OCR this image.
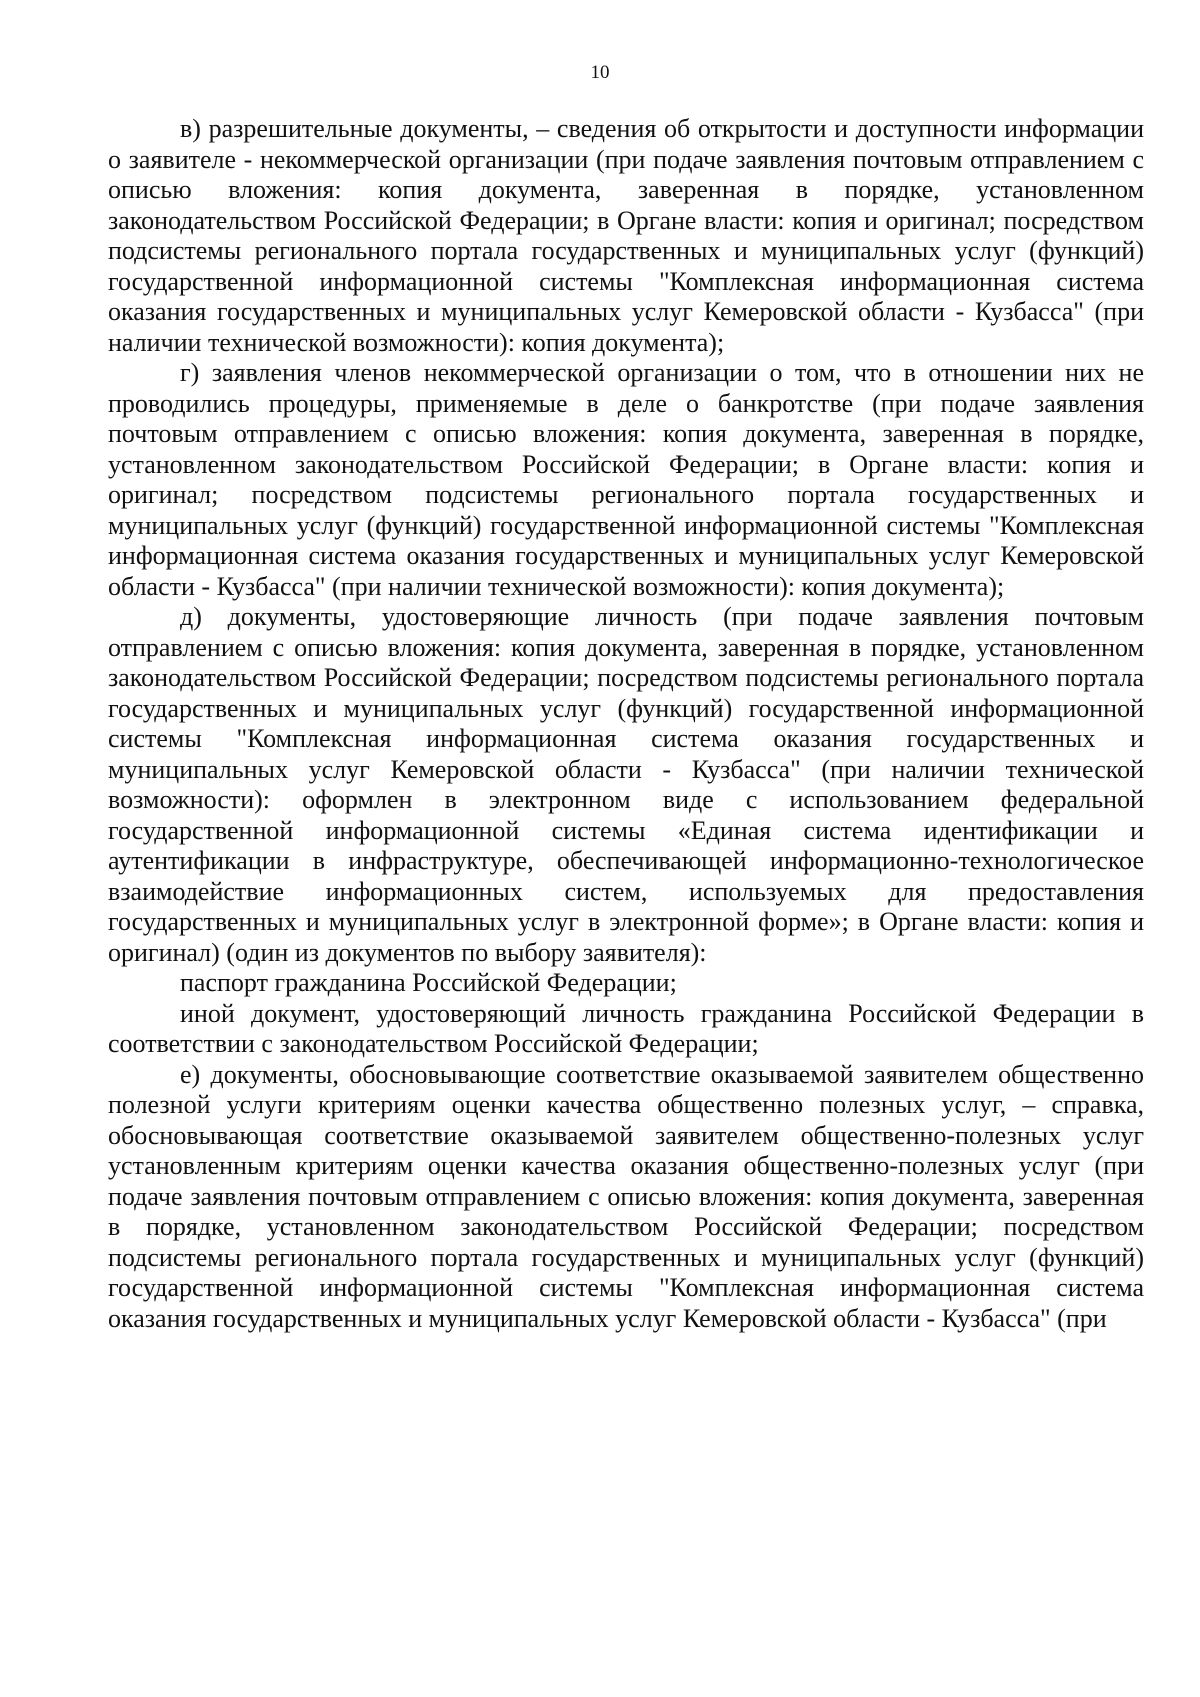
10

в) разрешительные документы, – сведения об открытости и доступности информации о заявителе - некоммерческой организации (при подаче заявления почтовым отправлением с описью вложения: копия документа, заверенная в порядке, установленном законодательством Российской Федерации; в Органе власти: копия и оригинал; посредством подсистемы регионального портала государственных и муниципальных услуг (функций) государственной информационной системы "Комплексная информационная система оказания государственных и муниципальных услуг Кемеровской области - Кузбасса" (при наличии технической возможности): копия документа);

г) заявления членов некоммерческой организации о том, что в отношении них не проводились процедуры, применяемые в деле о банкротстве (при подаче заявления почтовым отправлением с описью вложения: копия документа, заверенная в порядке, установленном законодательством Российской Федерации; в Органе власти: копия и оригинал; посредством подсистемы регионального портала государственных и муниципальных услуг (функций) государственной информационной системы "Комплексная информационная система оказания государственных и муниципальных услуг Кемеровской области - Кузбасса" (при наличии технической возможности): копия документа);

д) документы, удостоверяющие личность (при подаче заявления почтовым отправлением с описью вложения: копия документа, заверенная в порядке, установленном законодательством Российской Федерации; посредством подсистемы регионального портала государственных и муниципальных услуг (функций) государственной информационной системы "Комплексная информационная система оказания государственных и муниципальных услуг Кемеровской области - Кузбасса" (при наличии технической возможности): оформлен в электронном виде с использованием федеральной государственной информационной системы «Единая система идентификации и аутентификации в инфраструктуре, обеспечивающей информационно-технологическое взаимодействие информационных систем, используемых для предоставления государственных и муниципальных услуг в электронной форме»; в Органе власти: копия и оригинал) (один из документов по выбору заявителя):

паспорт гражданина Российской Федерации;

иной документ, удостоверяющий личность гражданина Российской Федерации в соответствии с законодательством Российской Федерации;

е) документы, обосновывающие соответствие оказываемой заявителем общественно полезной услуги критериям оценки качества общественно полезных услуг, – справка, обосновывающая соответствие оказываемой заявителем общественно-полезных услуг установленным критериям оценки качества оказания общественно-полезных услуг (при подаче заявления почтовым отправлением с описью вложения: копия документа, заверенная в порядке, установленном законодательством Российской Федерации; посредством подсистемы регионального портала государственных и муниципальных услуг (функций) государственной информационной системы "Комплексная информационная система оказания государственных и муниципальных услуг Кемеровской области - Кузбасса" (при
